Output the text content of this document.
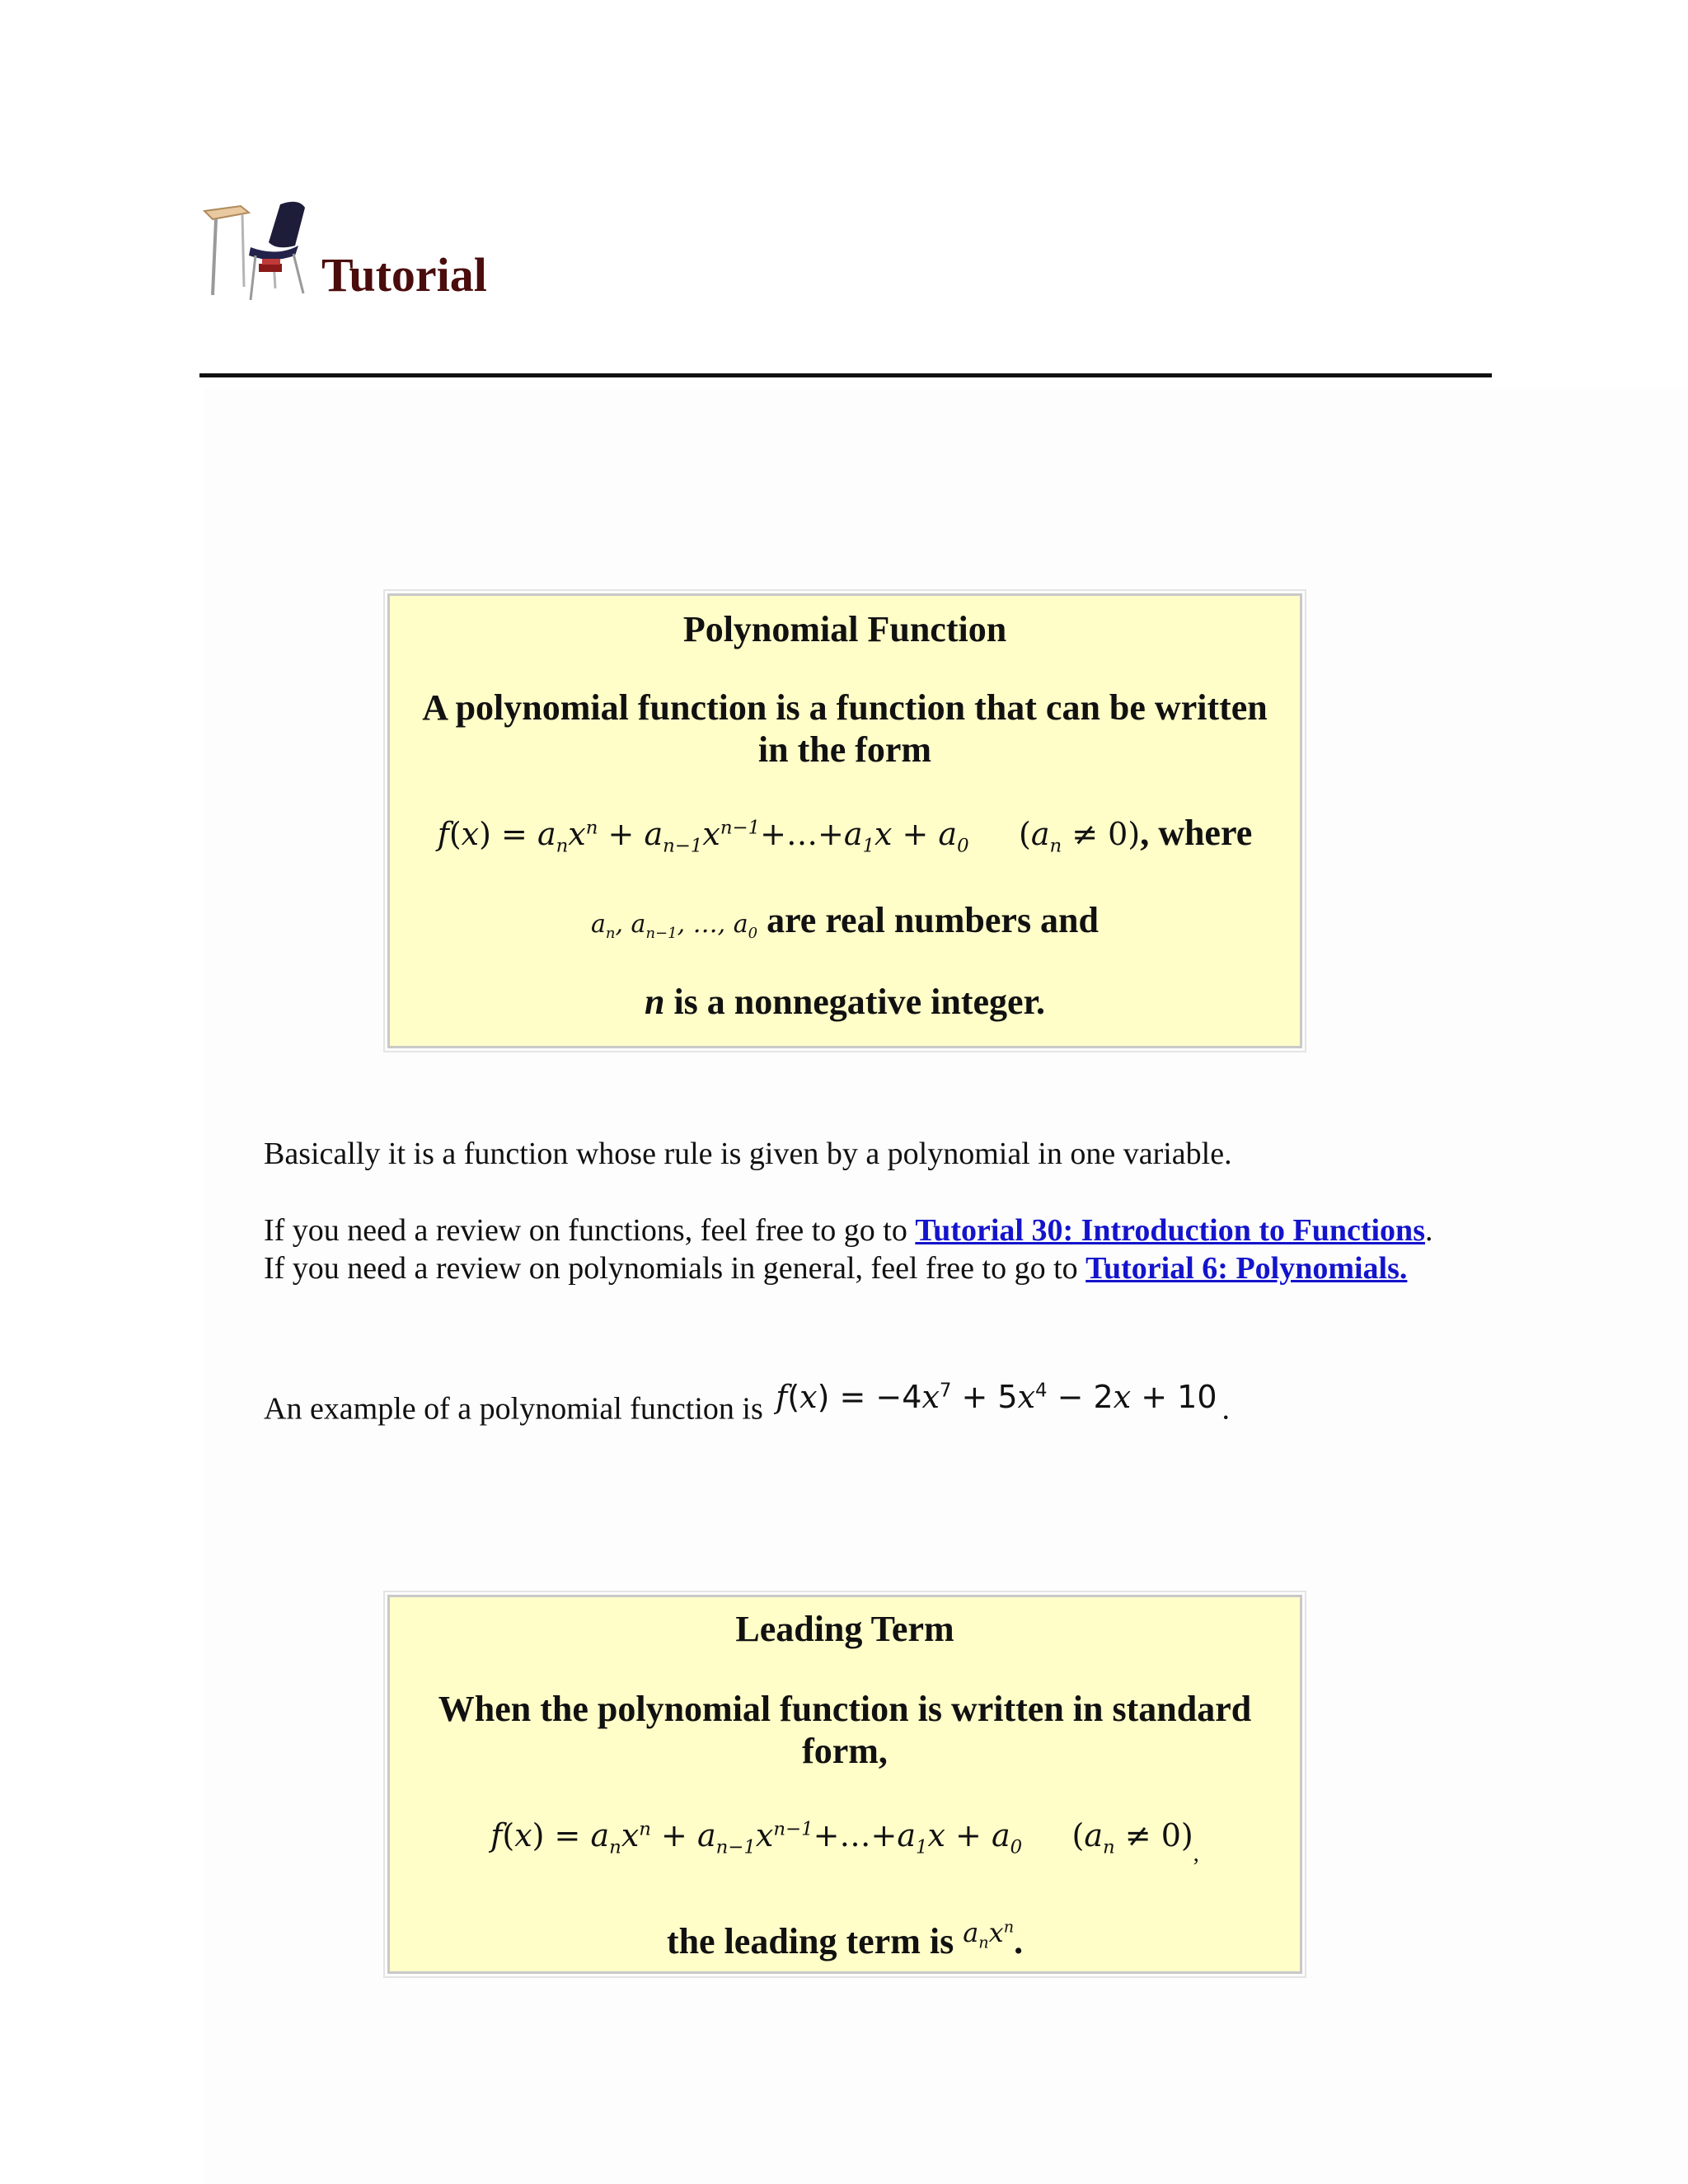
Tutorial
Polynomial Function
A polynomial function is a function that can be written in the form
$f(x) = a_nx^n$ + $a_{n-1}x^{n-1}+\dots+a_1x + a_0$ $(a_n \ne 0)$, where
$a_n$, $a_{n-1}$, …, $a_0$ are real numbers and
n is a nonnegative integer.

Basically it is a function whose rule is given by a polynomial in one variable.

If you need a review on functions, feel free to go to Tutorial 30: Introduction to Functions. If you need a review on polynomials in general, feel free to go to Tutorial 6: Polynomials.

An example of a polynomial function is $f(x) = -4x^7 + 5x^4 - 2x + 10$ .

Leading Term
When the polynomial function is written in standard form,
$f(x) = a_nx^n$ + $a_{n-1}x^{n-1}+\dots+a_1x + a_0$ $(a_n \ne 0)_,$
the leading term is $^{a_nx^n}$.
